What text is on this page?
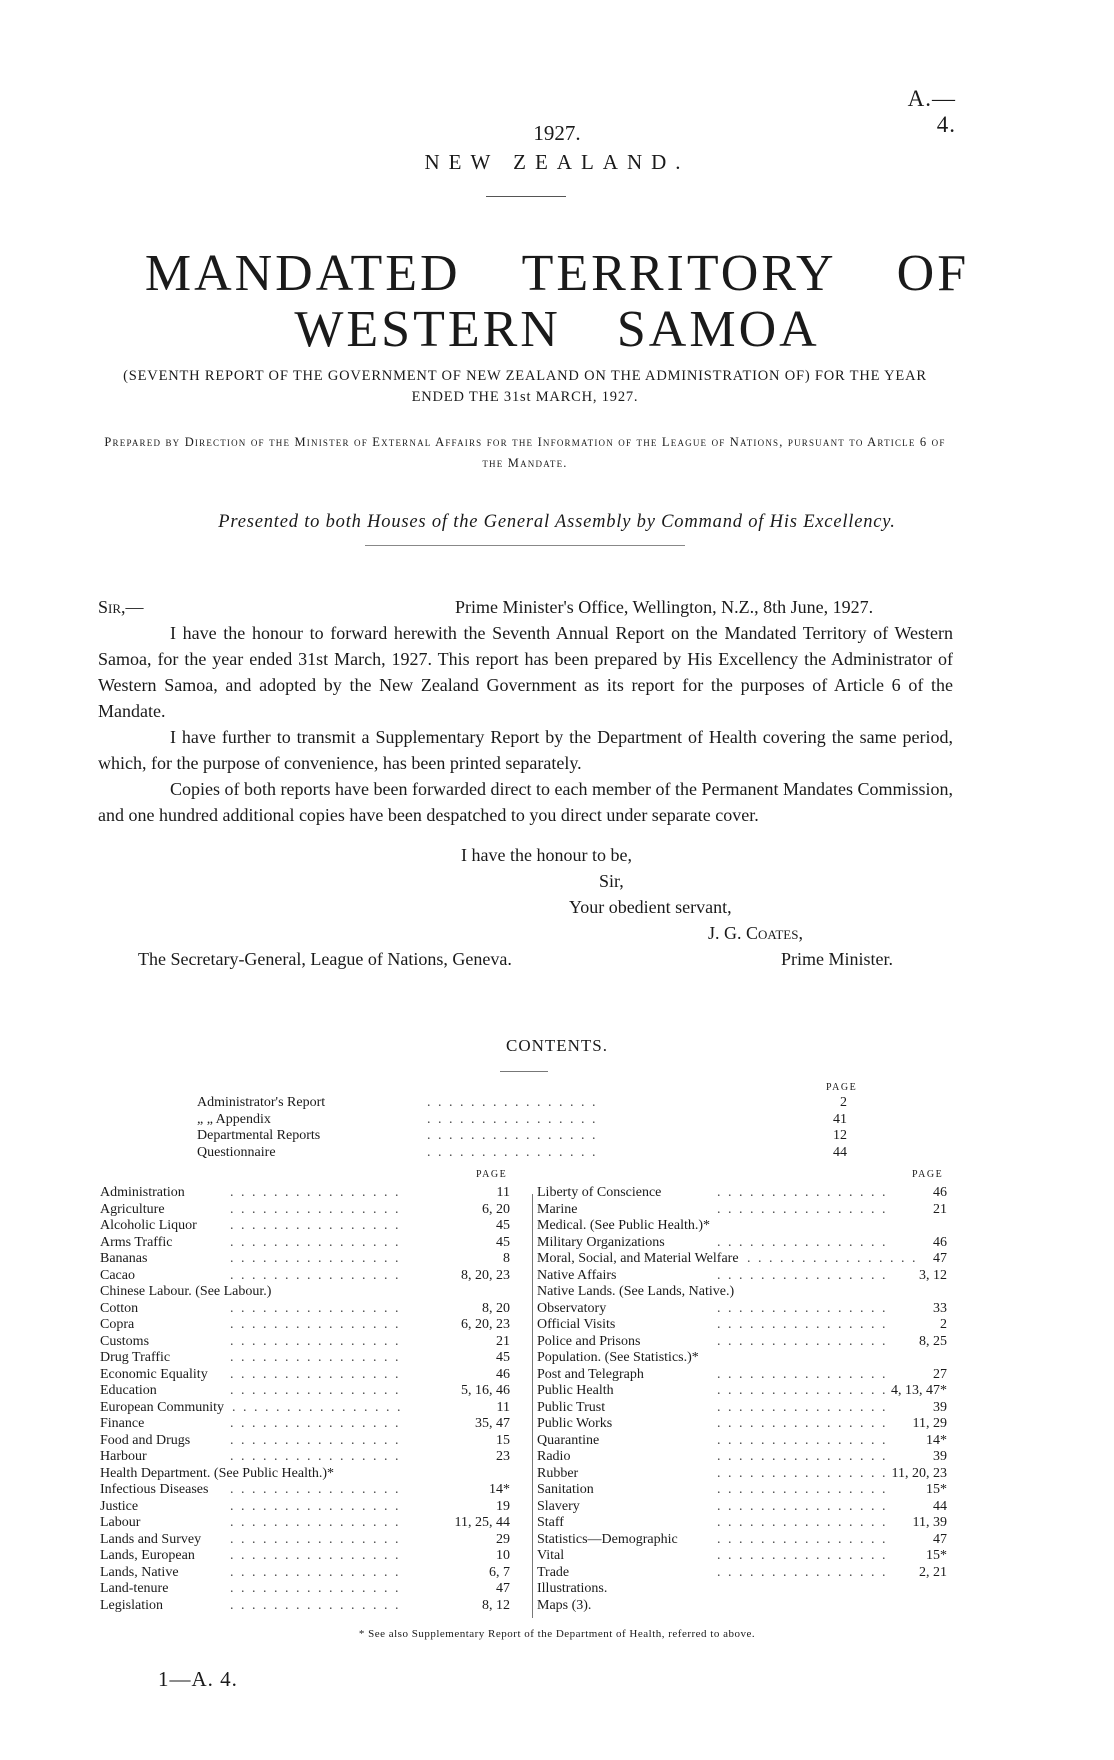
A.—4.
1927.
NEW ZEALAND.
MANDATED TERRITORY OF
WESTERN SAMOA
(SEVENTH REPORT OF THE GOVERNMENT OF NEW ZEALAND ON THE ADMINISTRATION OF) FOR THE YEAR ENDED THE 31st MARCH, 1927.
Prepared by Direction of the Minister of External Affairs for the Information of the League of Nations, pursuant to Article 6 of the Mandate.
Presented to both Houses of the General Assembly by Command of His Excellency.
Sir,—	Prime Minister's Office, Wellington, N.Z., 8th June, 1927.
I have the honour to forward herewith the Seventh Annual Report on the Mandated Territory of Western Samoa, for the year ended 31st March, 1927. This report has been prepared by His Excellency the Administrator of Western Samoa, and adopted by the New Zealand Government as its report for the purposes of Article 6 of the Mandate.
I have further to transmit a Supplementary Report by the Department of Health covering the same period, which, for the purpose of convenience, has been printed separately.
Copies of both reports have been forwarded direct to each member of the Permanent Mandates Commission, and one hundred additional copies have been despatched to you direct under separate cover.
I have the honour to be,
Sir,
Your obedient servant,
J. G. Coates,
The Secretary-General, League of Nations, Geneva.	Prime Minister.
CONTENTS.
PAGE
Administrator's Report	. . . . . . . . . . . . . . . .	2
„ „ Appendix	. . . . . . . . . . . . . . . .	41
Departmental Reports	. . . . . . . . . . . . . . . .	12
Questionnaire	. . . . . . . . . . . . . . . .	44
PAGE	PAGE
Administration	. . . . . . . . . . . . . . . .	11
Agriculture	. . . . . . . . . . . . . . . .	6, 20
Alcoholic Liquor . . . . . . . . . . . . . . . .	45
Arms Traffic	. . . . . . . . . . . . . . . .	45
Bananas	. . . . . . . . . . . . . . . .	8
Cacao	. . . . . . . . . . . . . . . .	8, 20, 23
Chinese Labour. (See Labour.)
Cotton	. . . . . . . . . . . . . . . .	8, 20
Copra	. . . . . . . . . . . . . . . .	6, 20, 23
Customs	. . . . . . . . . . . . . . . .	21
Drug Traffic	. . . . . . . . . . . . . . . .	45
Economic Equality . . . . . . . . . . . . . . . .	46
Education	. . . . . . . . . . . . . . . .	5, 16, 46
European Community . . . . . . . . . . . . . . . .	11
Finance	. . . . . . . . . . . . . . . .	35, 47
Food and Drugs	. . . . . . . . . . . . . . . .	15
Harbour	. . . . . . . . . . . . . . . .	23
Health Department. (See Public Health.)*
Infectious Diseases . . . . . . . . . . . . . . . .	14*
Justice	. . . . . . . . . . . . . . . .	19
Labour	. . . . . . . . . . . . . . . .	11, 25, 44
Lands and Survey . . . . . . . . . . . . . . . .	29
Lands, European	. . . . . . . . . . . . . . . .	10
Lands, Native	. . . . . . . . . . . . . . . .	6, 7
Land-tenure	. . . . . . . . . . . . . . . .	47
Legislation	. . . . . . . . . . . . . . . .	8, 12
Liberty of Conscience	. . . . . . . . . . . . . . . .	46
Marine	. . . . . . . . . . . . . . . .	21
Medical. (See Public Health.)*
Military Organizations	. . . . . . . . . . . . . . . .	46
Moral, Social, and Material Welfare . . . . . . . . . . . . . . . .	47
Native Affairs	. . . . . . . . . . . . . . . .	3, 12
Native Lands. (See Lands, Native.)
Observatory	. . . . . . . . . . . . . . . .	33
Official Visits	. . . . . . . . . . . . . . . .	2
Police and Prisons	. . . . . . . . . . . . . . . .	8, 25
Population. (See Statistics.)*
Post and Telegraph	. . . . . . . . . . . . . . . .	27
Public Health	. . . . . . . . . . . . . . . . 4, 13, 47*
Public Trust	. . . . . . . . . . . . . . . .	39
Public Works	. . . . . . . . . . . . . . . .	11, 29
Quarantine	. . . . . . . . . . . . . . . .	14*
Radio	. . . . . . . . . . . . . . . .	39
Rubber	. . . . . . . . . . . . . . . . 11, 20, 23
Sanitation	. . . . . . . . . . . . . . . .	15*
Slavery	. . . . . . . . . . . . . . . .	44
Staff	. . . . . . . . . . . . . . . .	11, 39
Statistics—Demographic	. . . . . . . . . . . . . . . .	47
Vital	. . . . . . . . . . . . . . . .	15*
Trade	. . . . . . . . . . . . . . . .	2, 21
Illustrations.
Maps (3).
* See also Supplementary Report of the Department of Health, referred to above.
1—A. 4.
